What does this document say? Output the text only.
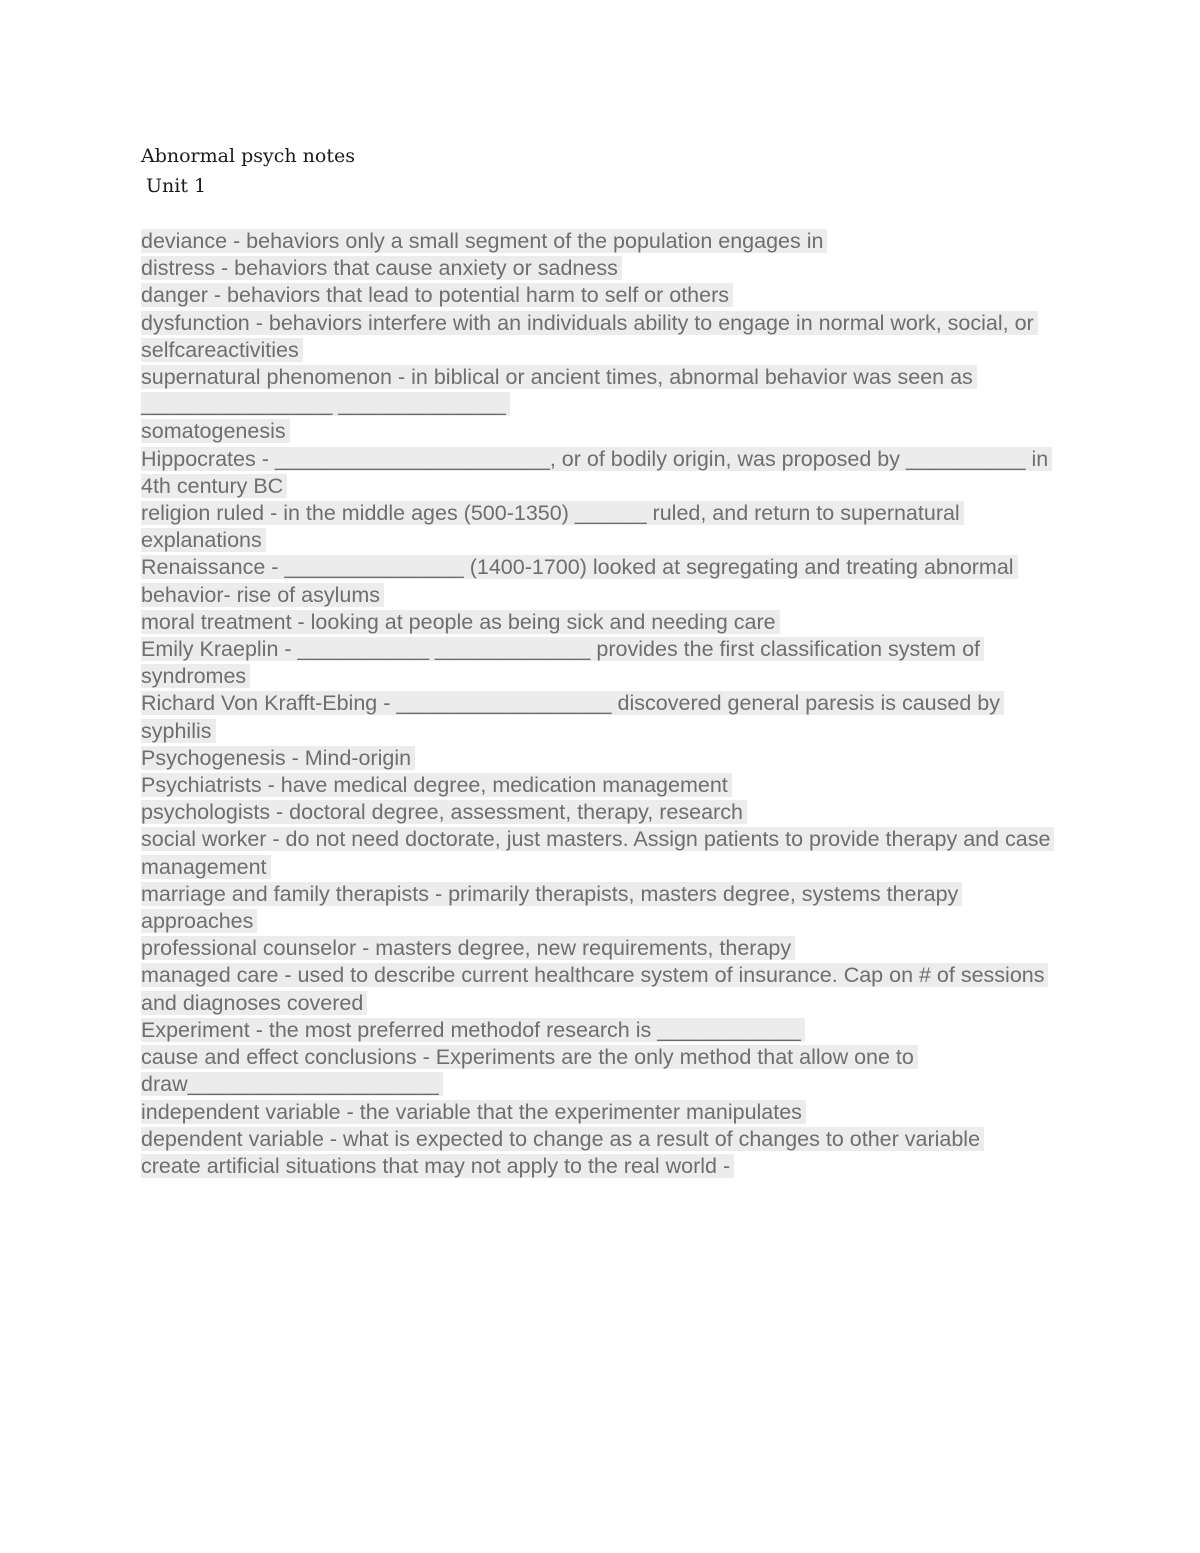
Abnormal psych notes
Unit 1
deviance - behaviors only a small segment of the population engages in
distress - behaviors that cause anxiety or sadness
danger - behaviors that lead to potential harm to self or others
dysfunction - behaviors interfere with an individuals ability to engage in normal work, social, or selfcareactivities
supernatural phenomenon - in biblical or ancient times, abnormal behavior was seen as ________________ ______________
somatogenesis
Hippocrates - _______________________, or of bodily origin, was proposed by __________ in 4th century BC
religion ruled - in the middle ages (500-1350) ______ ruled, and return to supernatural explanations
Renaissance - _______________ (1400-1700) looked at segregating and treating abnormal behavior- rise of asylums
moral treatment - looking at people as being sick and needing care
Emily Kraeplin - ___________ _____________ provides the first classification system of syndromes
Richard Von Krafft-Ebing - __________________ discovered general paresis is caused by syphilis
Psychogenesis - Mind-origin
Psychiatrists - have medical degree, medication management
psychologists - doctoral degree, assessment, therapy, research
social worker - do not need doctorate, just masters. Assign patients to provide therapy and case management
marriage and family therapists - primarily therapists, masters degree, systems therapy approaches
professional counselor - masters degree, new requirements, therapy
managed care - used to describe current healthcare system of insurance. Cap on # of sessions and diagnoses covered
Experiment - the most preferred methodof research is ____________
cause and effect conclusions - Experiments are the only method that allow one to draw_____________________
independent variable - the variable that the experimenter manipulates
dependent variable - what is expected to change as a result of changes to other variable
create artificial situations that may not apply to the real world -
